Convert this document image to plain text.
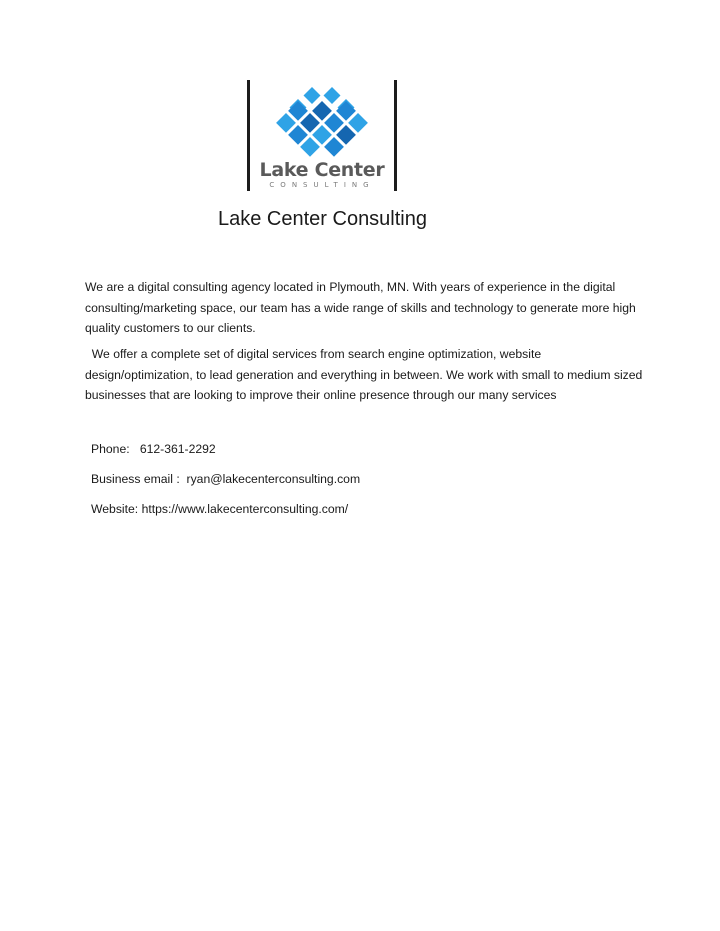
Lake Center
CONSULTING
Lake Center Consulting

We are a digital consulting agency located in Plymouth, MN. With years of experience in the digital consulting/marketing space, our team has a wide range of skills and technology to generate more high quality customers to our clients.

We offer a complete set of digital services from search engine optimization, website design/optimization, to lead generation and everything in between. We work with small to medium sized businesses that are looking to improve their online presence through our many services

Phone: 612-361-2292

Business email : ryan@lakecenterconsulting.com

Website: https://www.lakecenterconsulting.com/
